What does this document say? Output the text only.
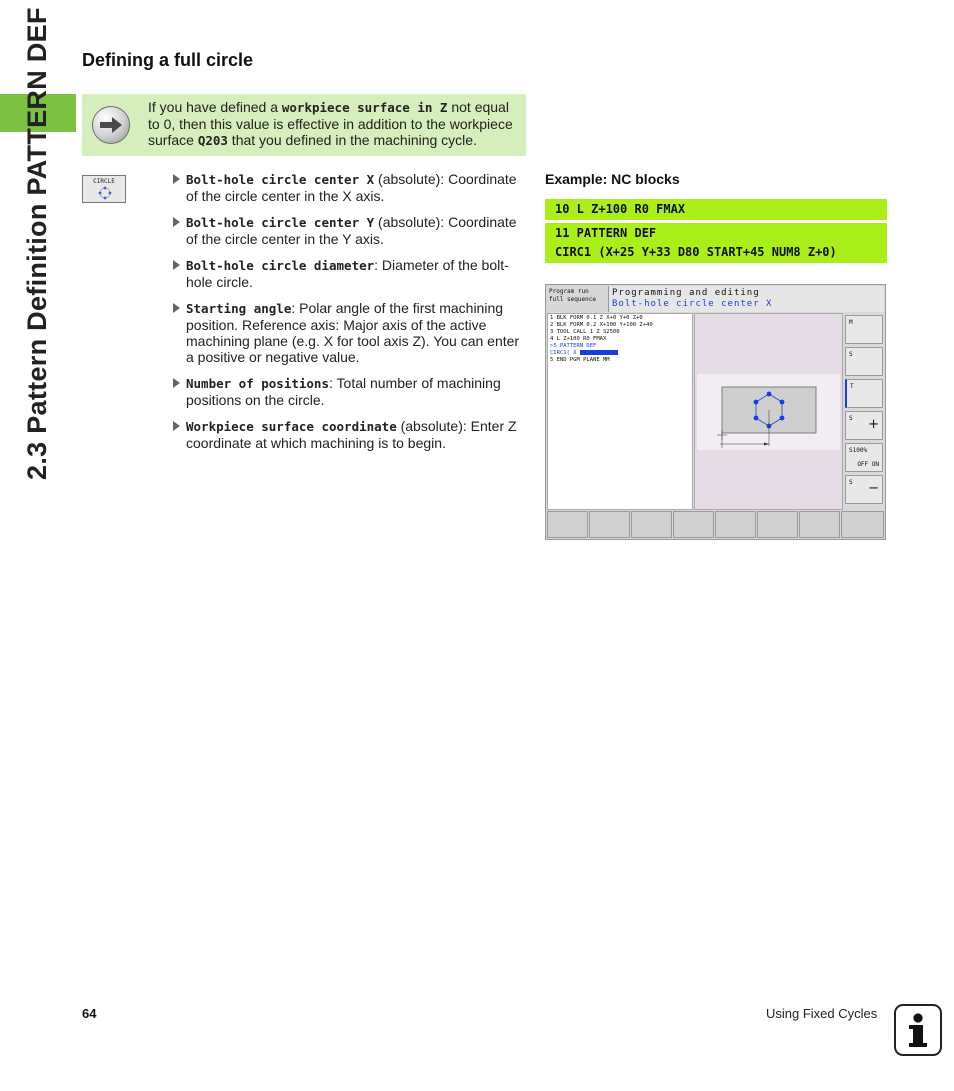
2.3 Pattern Definition PATTERN DEF Defining a full circle
If you have defined a workpiece surface in Z not equal to 0, then this value is effective in addition to the workpiece surface Q203 that you defined in the machining cycle.
CIRCLE	Bolt-hole circle center X (absolute): Coordinate of the circle center in the X axis.
Bolt-hole circle center Y (absolute): Coordinate of the circle center in the Y axis.
Bolt-hole circle diameter: Diameter of the bolt-hole circle.
Starting angle: Polar angle of the first machining position. Reference axis: Major axis of the active machining plane (e.g. X for tool axis Z). You can enter a positive or negative value.
Number of positions: Total number of machining positions on the circle.
Workpiece surface coordinate (absolute): Enter Z coordinate at which machining is to begin.
Example: NC blocks
10 L Z+100 R0 FMAX
11 PATTERN DEF
CIRC1 (X+25 Y+33 D80 START+45 NUM8 Z+0)
Program run
full sequence
Programming and editing
Bolt-hole circle center X
1 BLK FORM 0.1 Z X+0 Y+0 Z+0
2 BLK FORM 0.2 X+100 Y+100 Z+40
3 TOOL CALL 1 Z S2500
4 L Z+100 R0 FMAX
>5 PATTERN DEF
CIRC1( X
5 END PGM PLANE MM
M
S
T
S +
S100%
OFF ON
S −
64	Using Fixed Cycles
